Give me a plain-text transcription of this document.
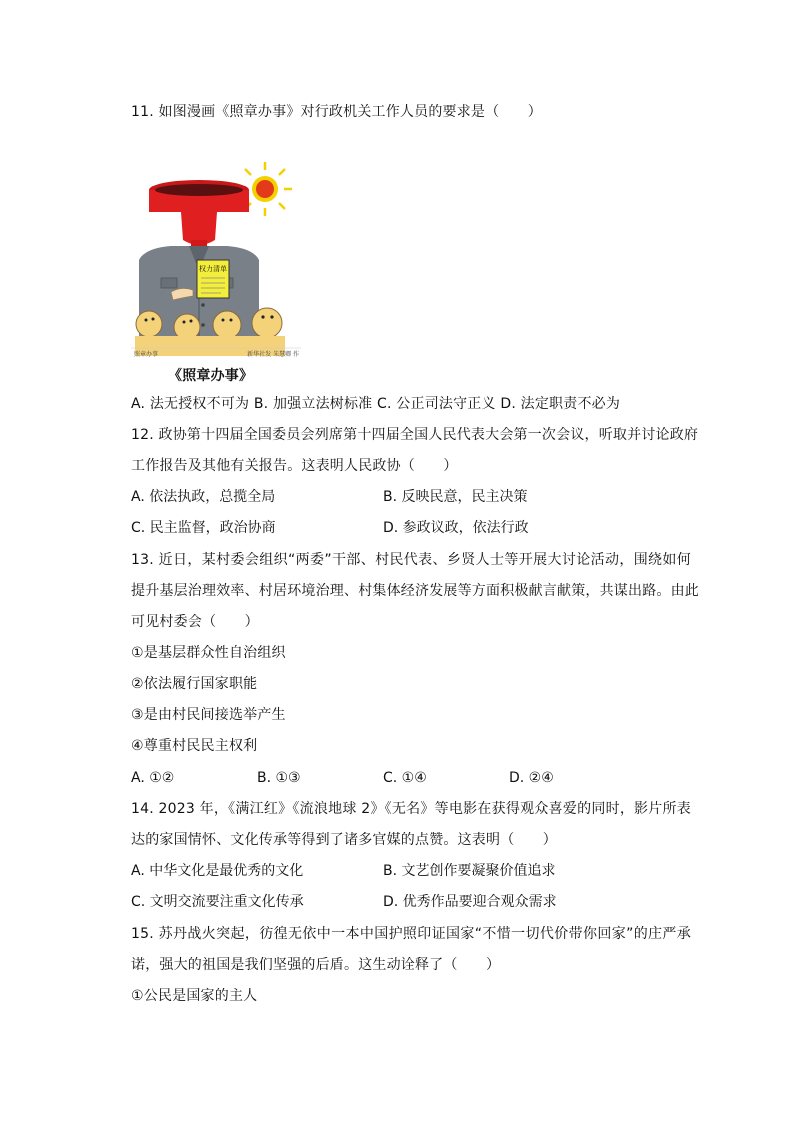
11. 如图漫画《照章办事》对行政机关工作人员的要求是（　　）
权力清单
照章办事	新华社发 朱慧卿 作
《照章办事》
A. 法无授权不可为 B. 加强立法树标准 C. 公正司法守正义 D. 法定职责不必为
12. 政协第十四届全国委员会列席第十四届全国人民代表大会第一次会议，听取并讨论政府
工作报告及其他有关报告。这表明人民政协（　　）
A. 依法执政，总揽全局	B. 反映民意，民主决策
C. 民主监督，政治协商	D. 参政议政，依法行政
13. 近日，某村委会组织“两委”干部、村民代表、乡贤人士等开展大讨论活动，围绕如何
提升基层治理效率、村居环境治理、村集体经济发展等方面积极献言献策，共谋出路。由此
可见村委会（　　）
①是基层群众性自治组织
②依法履行国家职能
③是由村民间接选举产生
④尊重村民民主权利
A. ①②	B. ①③	C. ①④	D. ②④
14. 2023 年，《满江红》《流浪地球 2》《无名》等电影在获得观众喜爱的同时，影片所表
达的家国情怀、文化传承等得到了诸多官媒的点赞。这表明（　　）
A. 中华文化是最优秀的文化	B. 文艺创作要凝聚价值追求
C. 文明交流要注重文化传承	D. 优秀作品要迎合观众需求
15. 苏丹战火突起，彷徨无依中一本中国护照印证国家“不惜一切代价带你回家”的庄严承
诺，强大的祖国是我们坚强的后盾。这生动诠释了（　　）
①公民是国家的主人
